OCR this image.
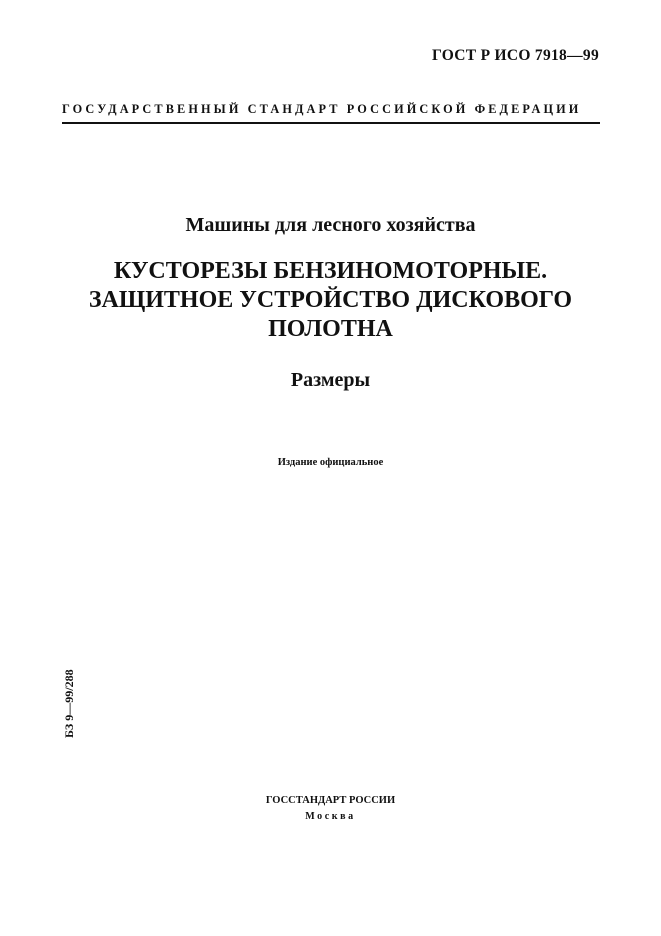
ГОСТ Р ИСО 7918—99
ГОСУДАРСТВЕННЫЙ СТАНДАРТ РОССИЙСКОЙ ФЕДЕРАЦИИ
Машины для лесного хозяйства
КУСТОРЕЗЫ БЕНЗИНОМОТОРНЫЕ.
ЗАЩИТНОЕ УСТРОЙСТВО ДИСКОВОГО
ПОЛОТНА
Размеры
Издание официальное
БЗ 9—99/288
ГОССТАНДАРТ РОССИИ
Москва
